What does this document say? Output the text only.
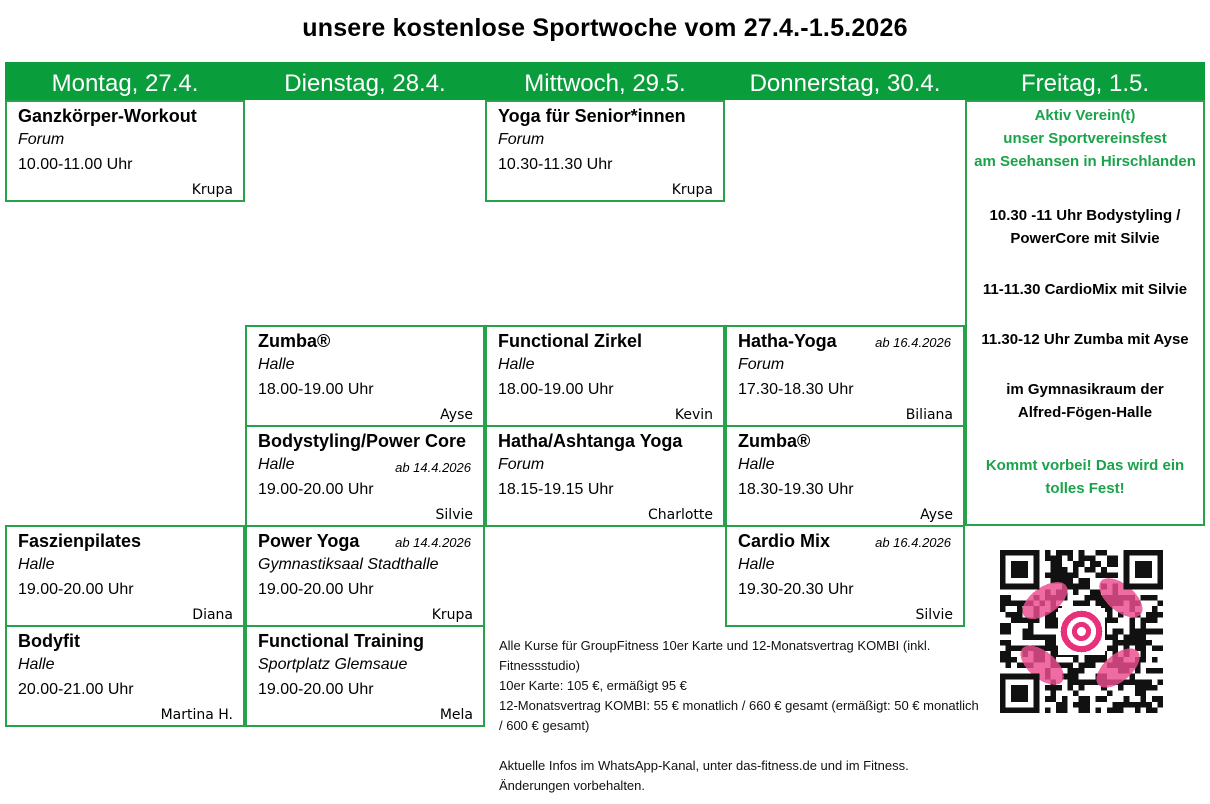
unsere kostenlose Sportwoche vom 27.4.-1.5.2026
Montag, 27.4.	Dienstag, 28.4.	Mittwoch, 29.5.	Donnerstag, 30.4.	Freitag, 1.5.
Ganzkörper-Workout
Forum
10.00-11.00 Uhr
Krupa
Yoga für Senior*innen
Forum
10.30-11.30 Uhr
Krupa
Zumba®
Halle
18.00-19.00 Uhr
Ayse
Functional Zirkel
Halle
18.00-19.00 Uhr
Kevin
Hatha-Yoga	ab 16.4.2026
Forum
17.30-18.30 Uhr
Biliana
Bodystyling/Power Core
ab 14.4.2026
Halle
19.00-20.00 Uhr
Silvie
Hatha/Ashtanga Yoga
Forum
18.15-19.15 Uhr
Charlotte
Zumba®
Halle
18.30-19.30 Uhr
Ayse
Faszienpilates
Halle
19.00-20.00 Uhr
Diana
Power Yoga	ab 14.4.2026
Gymnastiksaal Stadthalle
19.00-20.00 Uhr
Krupa
Cardio Mix	ab 16.4.2026
Halle
19.30-20.30 Uhr
Silvie
Bodyfit
Halle
20.00-21.00 Uhr
Martina H.
Functional Training
Sportplatz Glemsaue
19.00-20.00 Uhr
Mela

Aktiv Verein(t)

unser Sportvereinsfest

am Seehansen in Hirschlanden

10.30 -11 Uhr Bodystyling /

PowerCore mit Silvie

11-11.30 CardioMix mit Silvie

11.30-12 Uhr Zumba mit Ayse

im Gymnasikraum der

Alfred-Fögen-Halle

Kommt vorbei! Das wird ein

tolles Fest!

Alle Kurse für GroupFitness 10er Karte und 12-Monatsvertrag KOMBI (inkl. Fitnessstudio)

10er Karte: 105 €, ermäßigt 95 €

12-Monatsvertrag KOMBI: 55 € monatlich / 660 € gesamt (ermäßigt: 50 € monatlich / 600 € gesamt)

Aktuelle Infos im WhatsApp-Kanal, unter das-fitness.de und im Fitness.

Änderungen vorbehalten.
